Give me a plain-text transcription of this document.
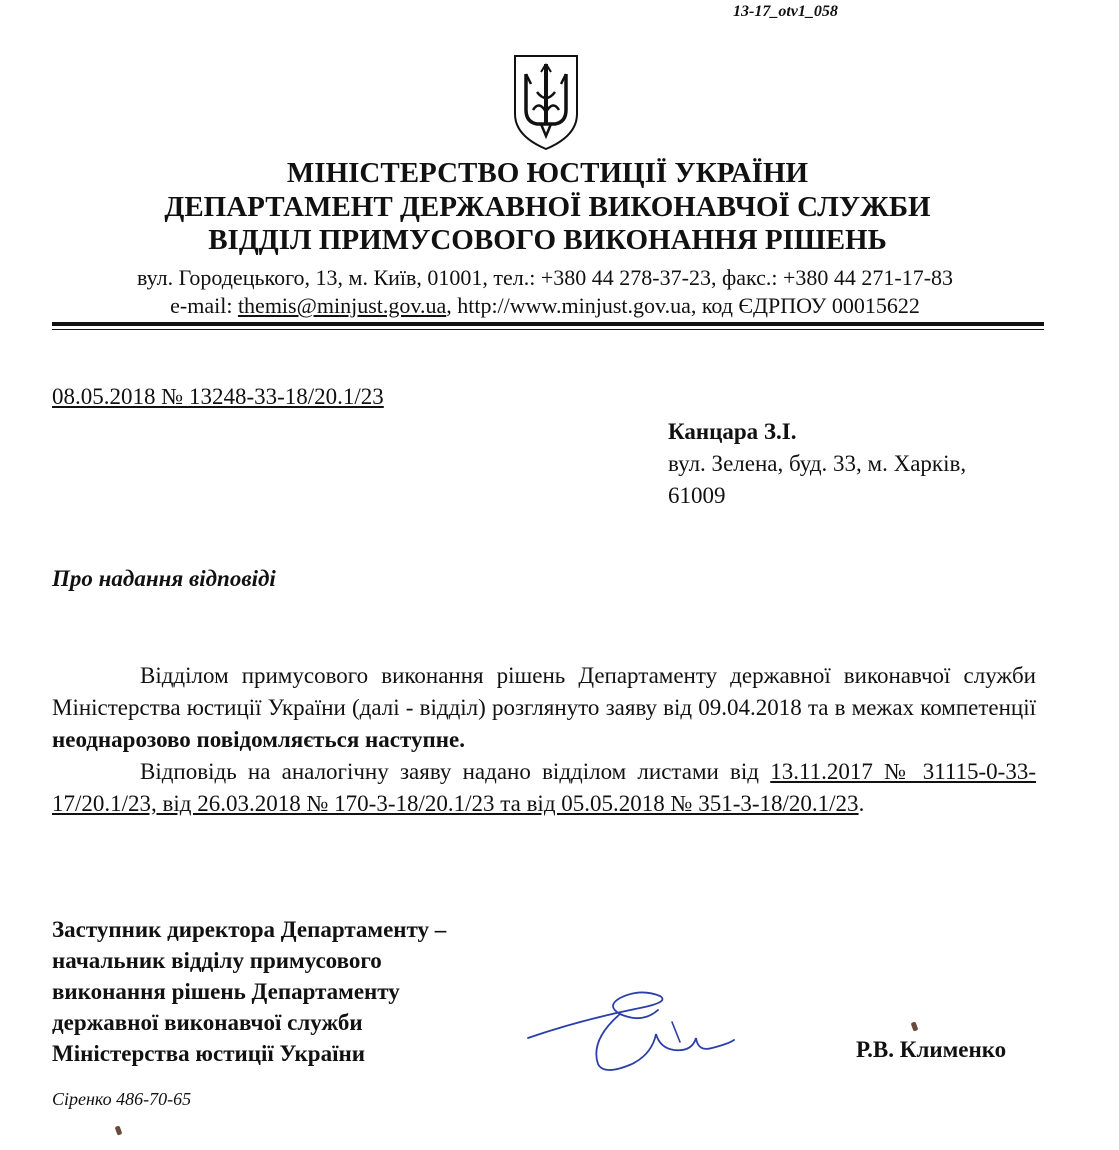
13-17_otv1_058
МІНІСТЕРСТВО ЮСТИЦІЇ УКРАЇНИ
ДЕПАРТАМЕНТ ДЕРЖАВНОЇ ВИКОНАВЧОЇ СЛУЖБИ
ВІДДІЛ ПРИМУСОВОГО ВИКОНАННЯ РІШЕНЬ
вул. Городецького, 13, м. Київ, 01001, тел.: +380 44 278-37-23, факс.: +380 44 271-17-83
e-mail: themis@minjust.gov.ua, http://www.minjust.gov.ua, код ЄДРПОУ 00015622
08.05.2018 № 13248-33-18/20.1/23
Канцара З.І.
вул. Зелена, буд. 33, м. Харків,
61009
Про надання відповіді

Відділом примусового виконання рішень Департаменту державної виконавчої служби Міністерства юстиції України (далі - відділ) розглянуто заяву від 09.04.2018 та в межах компетенції неоднарозово повідомляється наступне.

Відповідь на аналогічну заяву надано відділом листами від 13.11.2017 № 31115-0-33-17/20.1/23, від 26.03.2018 № 170-3-18/20.1/23 та від 05.05.2018 № 351-3-18/20.1/23.

Заступник директора Департаменту –
начальник відділу примусового
виконання рішень Департаменту
державної виконавчої служби
Міністерства юстиції України	Р.В. Клименко
Сіренко 486-70-65
